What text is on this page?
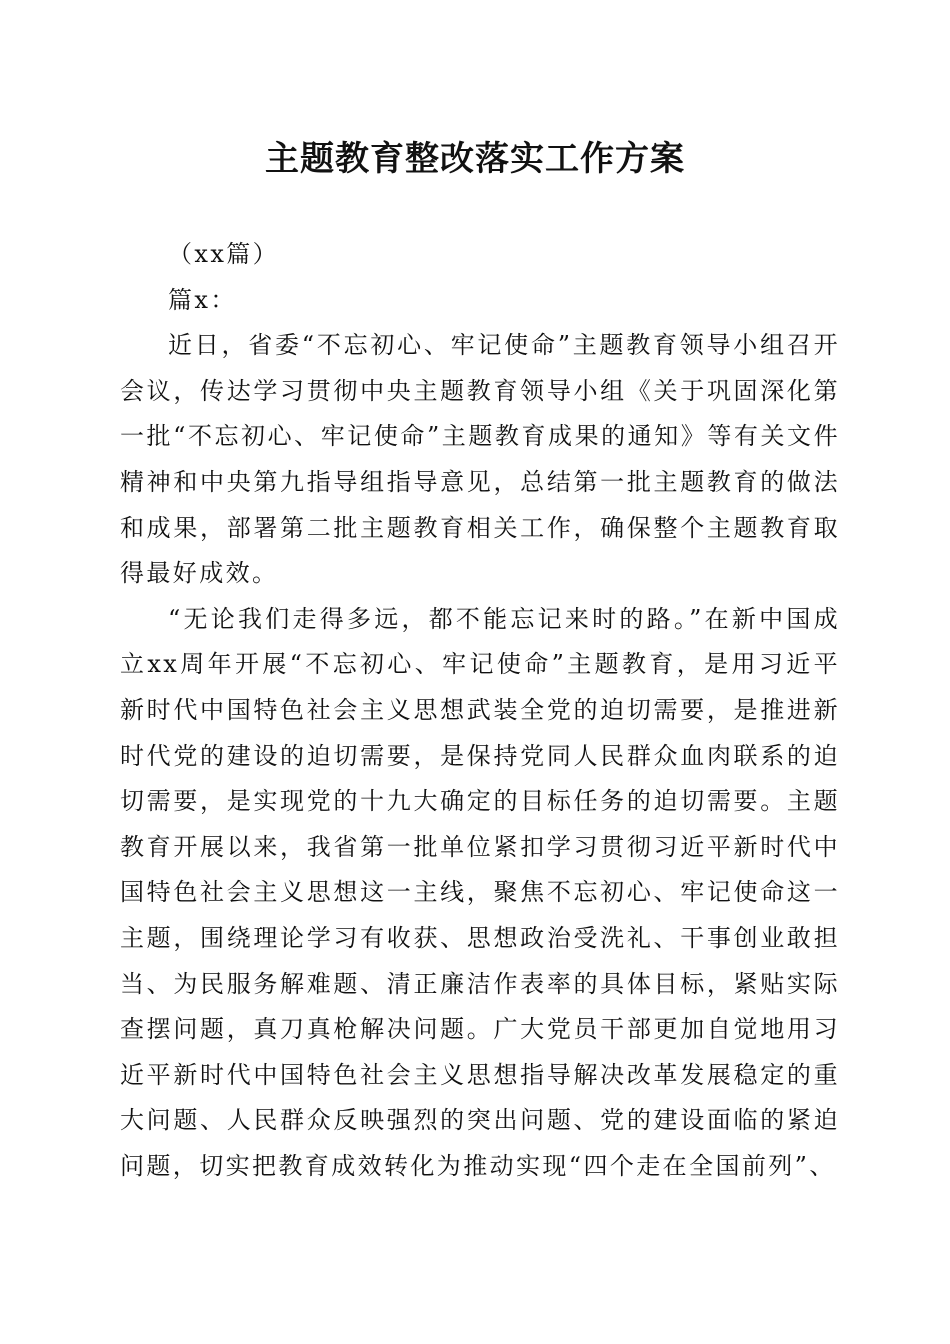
主题教育整改落实工作方案

（xx篇）

篇x：

近日，省委“不忘初心、牢记使命”主题教育领导小组召开会议，传达学习贯彻中央主题教育领导小组《关于巩固深化第一批“不忘初心、牢记使命”主题教育成果的通知》等有关文件精神和中央第九指导组指导意见，总结第一批主题教育的做法和成果，部署第二批主题教育相关工作，确保整个主题教育取得最好成效。

“无论我们走得多远，都不能忘记来时的路。”在新中国成立xx周年开展“不忘初心、牢记使命”主题教育，是用习近平新时代中国特色社会主义思想武装全党的迫切需要，是推进新时代党的建设的迫切需要，是保持党同人民群众血肉联系的迫切需要，是实现党的十九大确定的目标任务的迫切需要。主题教育开展以来，我省第一批单位紧扣学习贯彻习近平新时代中国特色社会主义思想这一主线，聚焦不忘初心、牢记使命这一主题，围绕理论学习有收获、思想政治受洗礼、干事创业敢担当、为民服务解难题、清正廉洁作表率的具体目标，紧贴实际查摆问题，真刀真枪解决问题。广大党员干部更加自觉地用习近平新时代中国特色社会主义思想指导解决改革发展稳定的重大问题、人民群众反映强烈的突出问题、党的建设面临的紧迫问题，切实把教育成效转化为推动实现“四个走在全国前列”、
